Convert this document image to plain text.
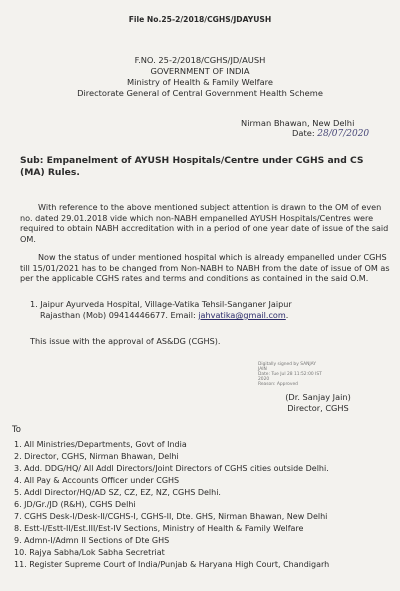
File No.25-2/2018/CGHS/JDAYUSH
F.NO. 25-2/2018/CGHS/JD/AUSH
GOVERNMENT OF INDIA
Ministry of Health & Family Welfare
Directorate General of Central Government Health Scheme
Nirman Bhawan, New Delhi
Date: 28/07/2020
Sub: Empanelment of AYUSH Hospitals/Centre under CGHS and CS (MA) Rules.
With reference to the above mentioned subject attention is drawn to the OM of even no. dated 29.01.2018 vide which non-NABH empanelled AYUSH Hospitals/Centres were required to obtain NABH accreditation with in a period of one year date of issue of the said OM.
Now the status of under mentioned hospital which is already empanelled under CGHS till 15/01/2021 has to be changed from Non-NABH to NABH from the date of issue of OM as per the applicable CGHS rates and terms and conditions as contained in the said O.M.
1. Jaipur Ayurveda Hospital, Village-Vatika Tehsil-Sanganer Jaipur
Rajasthan (Mob) 09414446677. Email: jahvatika@gmail.com.
This issue with the approval of AS&DG (CGHS).
Digitally signed by SANJAY
JAIN
Date: Tue Jul 28 11:52:00 IST
2020
Reason: Approved
(Dr. Sanjay Jain)
Director, CGHS
To
1. All Ministries/Departments, Govt of India
2. Director, CGHS, Nirman Bhawan, Delhi
3. Add. DDG/HQ/ All Addl Directors/Joint Directors of CGHS cities outside Delhi.
4. All Pay & Accounts Officer under CGHS
5. Addl Director/HQ/AD SZ, CZ, EZ, NZ, CGHS Delhi.
6. JD/Gr./JD (R&H), CGHS Delhi
7. CGHS Desk-I/Desk-II/CGHS-I, CGHS-II, Dte. GHS, Nirman Bhawan, New Delhi
8. Estt-I/Estt-II/Est.III/Est-IV Sections, Ministry of Health & Family Welfare
9. Admn-I/Admn II Sections of Dte GHS
10. Rajya Sabha/Lok Sabha Secretriat
11. Register Supreme Court of India/Punjab & Haryana High Court, Chandigarh
